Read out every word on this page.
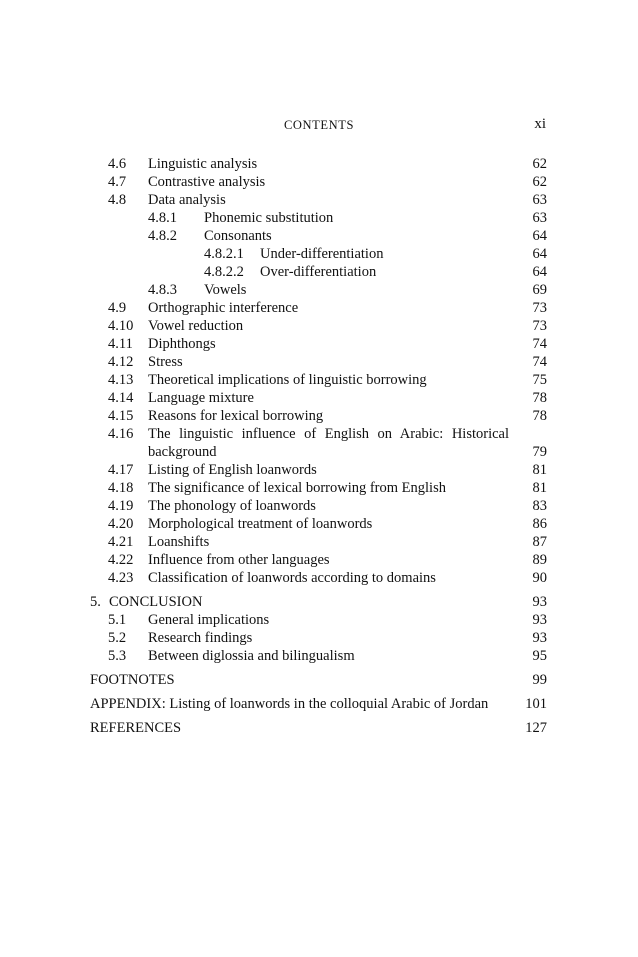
CONTENTS	xi
4.6 Linguistic analysis	62
4.7 Contrastive analysis	62
4.8 Data analysis	63
4.8.1 Phonemic substitution	63
4.8.2 Consonants	64
4.8.2.1 Under-differentiation	64
4.8.2.2 Over-differentiation	64
4.8.3 Vowels	69
4.9 Orthographic interference	73
4.10 Vowel reduction	73
4.11 Diphthongs	74
4.12 Stress	74
4.13 Theoretical implications of linguistic borrowing	75
4.14 Language mixture	78
4.15 Reasons for lexical borrowing	78
4.16 The linguistic influence of English on Arabic: Historical
background	79
4.17 Listing of English loanwords	81
4.18 The significance of lexical borrowing from English	81
4.19 The phonology of loanwords	83
4.20 Morphological treatment of loanwords	86
4.21 Loanshifts	87
4.22 Influence from other languages	89
4.23 Classification of loanwords according to domains	90
5. CONCLUSION	93
5.1 General implications	93
5.2 Research findings	93
5.3 Between diglossia and bilingualism	95
FOOTNOTES	99
APPENDIX: Listing of loanwords in the colloquial Arabic of Jordan	101
REFERENCES	127
